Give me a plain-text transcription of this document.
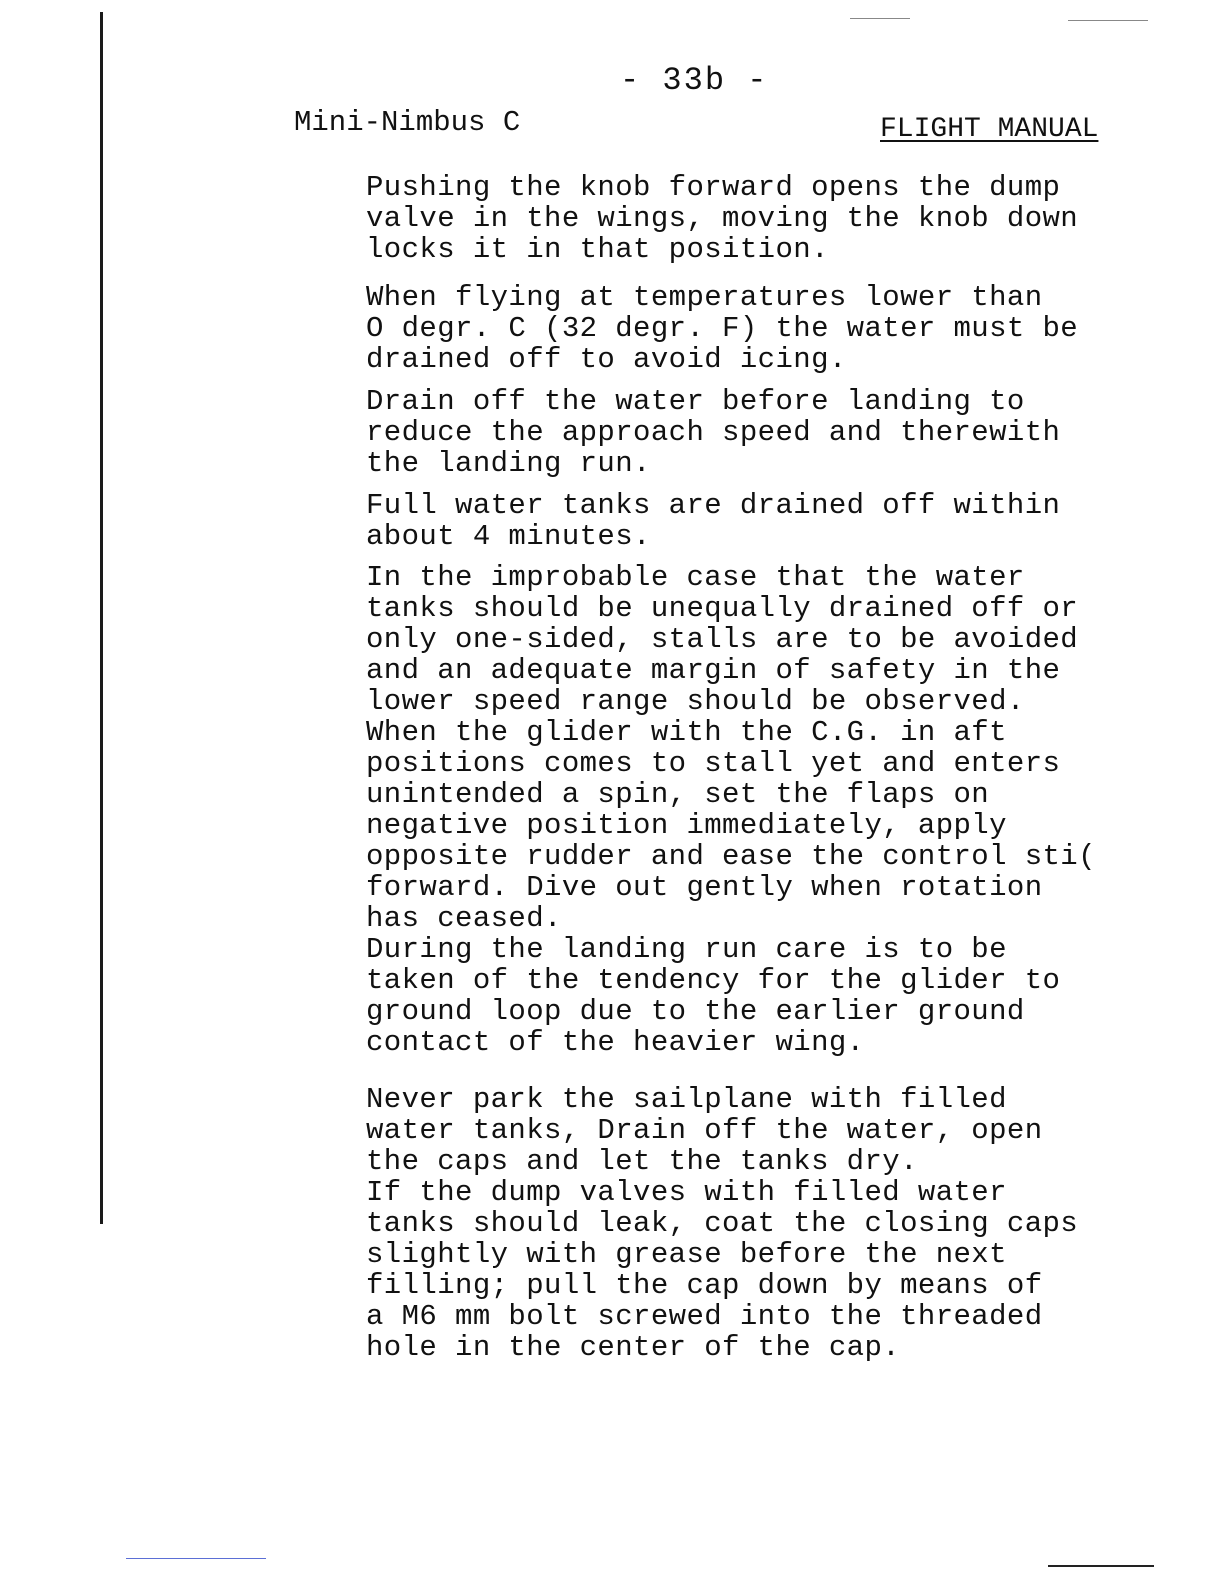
- 33b -
Mini-Nimbus C	FLIGHT MANUAL

Pushing the knob forward opens the dump
valve in the wings, moving the knob down
locks it in that position.

When flying at temperatures lower than
O degr. C (32 degr. F) the water must be
drained off to avoid icing.

Drain off the water before landing to
reduce the approach speed and therewith
the landing run.

Full water tanks are drained off within
about 4 minutes.

In the improbable case that the water
tanks should be unequally drained off or
only one-sided, stalls are to be avoided
and an adequate margin of safety in the
lower speed range should be observed.
When the glider with the C.G. in aft
positions comes to stall yet and enters
unintended a spin, set the flaps on
negative position immediately, apply
opposite rudder and ease the control sti(
forward. Dive out gently when rotation
has ceased.
During the landing run care is to be
taken of the tendency for the glider to
ground loop due to the earlier ground
contact of the heavier wing.

Never park the sailplane with filled
water tanks, Drain off the water, open
the caps and let the tanks dry.
If the dump valves with filled water
tanks should leak, coat the closing caps
slightly with grease before the next
filling; pull the cap down by means of
a M6 mm bolt screwed into the threaded
hole in the center of the cap.
